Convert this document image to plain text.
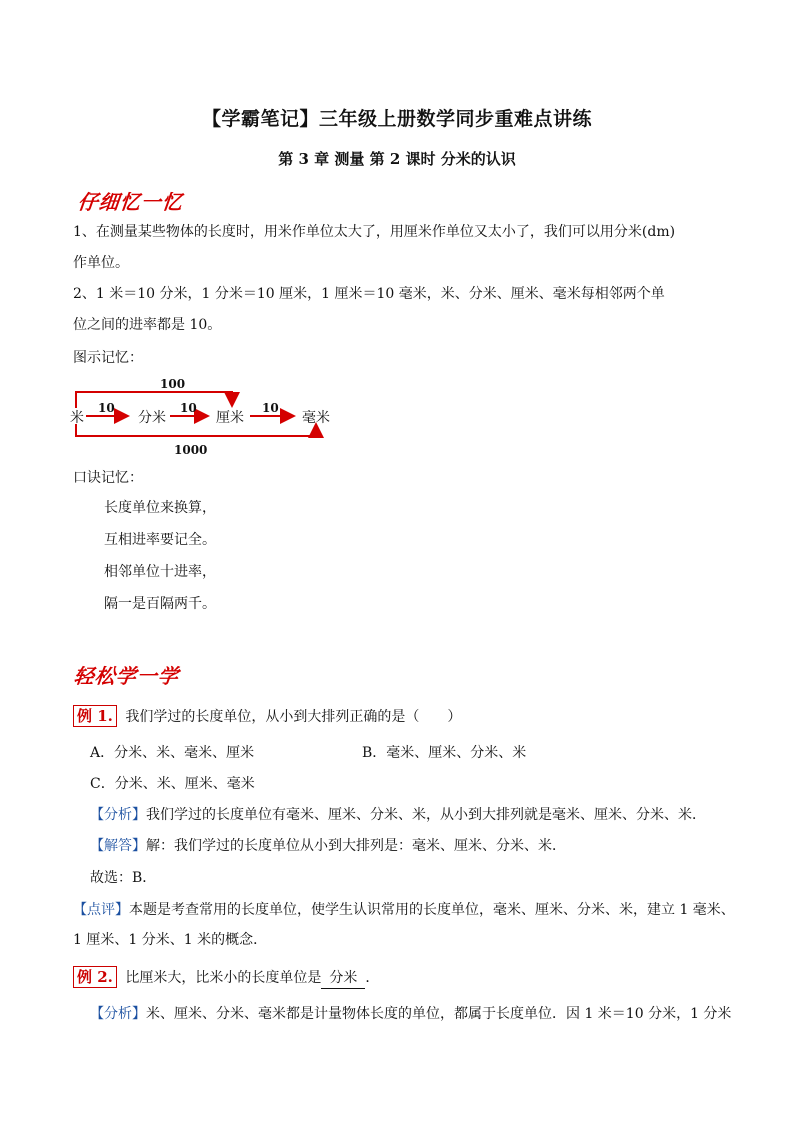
【学霸笔记】三年级上册数学同步重难点讲练
第 3 章 测量 第 2 课时 分米的认识
仔细忆一忆
1、在测量某些物体的长度时，用米作单位太大了，用厘米作单位又太小了，我们可以用分米(dm)
作单位。
2、1 米＝10 分米，1 分米＝10 厘米，1 厘米＝10 毫米，米、分米、厘米、毫米每相邻两个单
位之间的进率都是 10。
图示记忆：
100
1000
10	10	10
米	分米	厘米	毫米
口诀记忆：
长度单位来换算，
互相进率要记全。
相邻单位十进率，
隔一是百隔两千。
轻松学一学
例 1. 我们学过的长度单位，从小到大排列正确的是（　　）
A．分米、米、毫米、厘米	B．毫米、厘米、分米、米
C．分米、米、厘米、毫米
【分析】我们学过的长度单位有毫米、厘米、分米、米，从小到大排列就是毫米、厘米、分米、米．
【解答】解：我们学过的长度单位从小到大排列是：毫米、厘米、分米、米．
故选：B．
【点评】本题是考查常用的长度单位，使学生认识常用的长度单位，毫米、厘米、分米、米，建立 1 毫米、
1 厘米、1 分米、1 米的概念．
例 2. 比厘米大，比米小的长度单位是 分米 ．
【分析】米、厘米、分米、毫米都是计量物体长度的单位，都属于长度单位．因 1 米＝10 分米，1 分米
